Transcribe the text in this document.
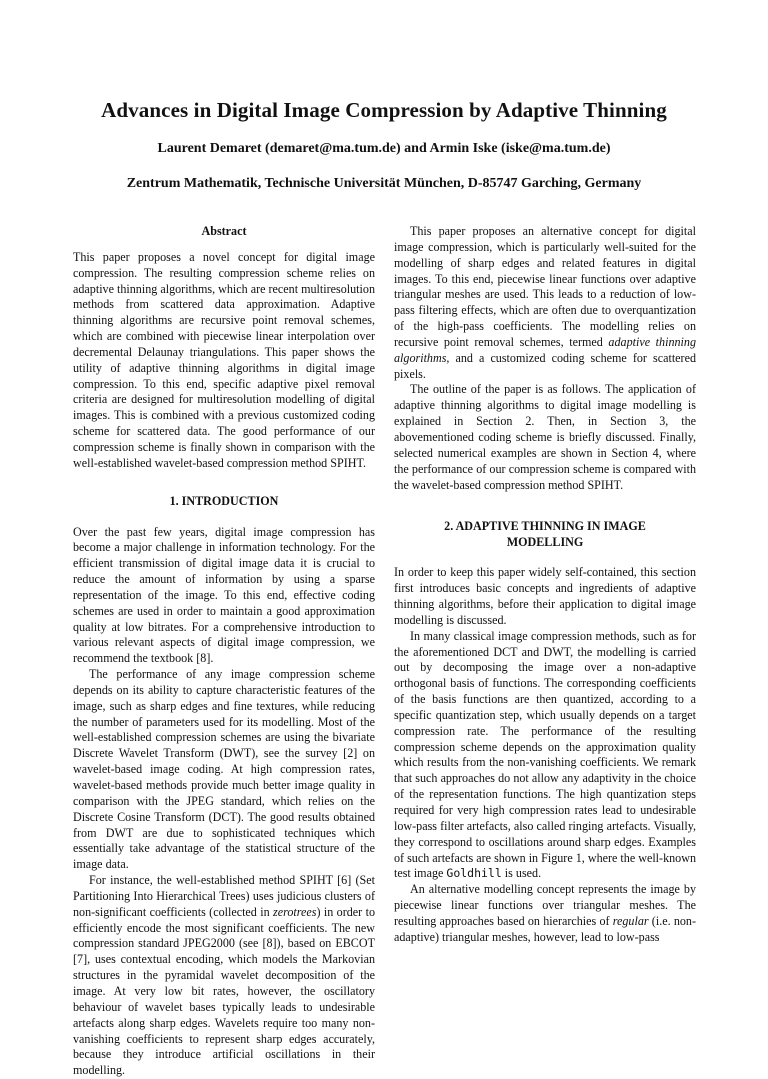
Advances in Digital Image Compression by Adaptive Thinning
Laurent Demaret (demaret@ma.tum.de) and Armin Iske (iske@ma.tum.de)
Zentrum Mathematik, Technische Universität München, D-85747 Garching, Germany
Abstract

This paper proposes a novel concept for digital image compression. The resulting compression scheme relies on adaptive thinning algorithms, which are recent multiresolution methods from scattered data approximation. Adaptive thinning algorithms are recursive point removal schemes, which are combined with piecewise linear interpolation over decremental Delaunay triangulations. This paper shows the utility of adaptive thinning algorithms in digital image compression. To this end, specific adaptive pixel removal criteria are designed for multiresolution modelling of digital images. This is combined with a previous customized coding scheme for scattered data. The good performance of our compression scheme is finally shown in comparison with the well-established wavelet-based compression method SPIHT.

1. INTRODUCTION

Over the past few years, digital image compression has become a major challenge in information technology. For the efficient transmission of digital image data it is crucial to reduce the amount of information by using a sparse representation of the image. To this end, effective coding schemes are used in order to maintain a good approximation quality at low bitrates. For a comprehensive introduction to various relevant aspects of digital image compression, we recommend the textbook [8].

The performance of any image compression scheme depends on its ability to capture characteristic features of the image, such as sharp edges and fine textures, while reducing the number of parameters used for its modelling. Most of the well-established compression schemes are using the bivariate Discrete Wavelet Transform (DWT), see the survey [2] on wavelet-based image coding. At high compression rates, wavelet-based methods provide much better image quality in comparison with the JPEG standard, which relies on the Discrete Cosine Transform (DCT). The good results obtained from DWT are due to sophisticated techniques which essentially take advantage of the statistical structure of the image data.

For instance, the well-established method SPIHT [6] (Set Partitioning Into Hierarchical Trees) uses judicious clusters of non-significant coefficients (collected in zerotrees) in order to efficiently encode the most significant coefficients. The new compression standard JPEG2000 (see [8]), based on EBCOT [7], uses contextual encoding, which models the Markovian structures in the pyramidal wavelet decomposition of the image. At very low bit rates, however, the oscillatory behaviour of wavelet bases typically leads to undesirable artefacts along sharp edges. Wavelets require too many non-vanishing coefficients to represent sharp edges accurately, because they introduce artificial oscillations in their modelling.

This paper proposes an alternative concept for digital image compression, which is particularly well-suited for the modelling of sharp edges and related features in digital images. To this end, piecewise linear functions over adaptive triangular meshes are used. This leads to a reduction of low-pass filtering effects, which are often due to overquantization of the high-pass coefficients. The modelling relies on recursive point removal schemes, termed adaptive thinning algorithms, and a customized coding scheme for scattered pixels.

The outline of the paper is as follows. The application of adaptive thinning algorithms to digital image modelling is explained in Section 2. Then, in Section 3, the abovementioned coding scheme is briefly discussed. Finally, selected numerical examples are shown in Section 4, where the performance of our compression scheme is compared with the wavelet-based compression method SPIHT.

2. ADAPTIVE THINNING IN IMAGE MODELLING

In order to keep this paper widely self-contained, this section first introduces basic concepts and ingredients of adaptive thinning algorithms, before their application to digital image modelling is discussed.

In many classical image compression methods, such as for the aforementioned DCT and DWT, the modelling is carried out by decomposing the image over a non-adaptive orthogonal basis of functions. The corresponding coefficients of the basis functions are then quantized, according to a specific quantization step, which usually depends on a target compression rate. The performance of the resulting compression scheme depends on the approximation quality which results from the non-vanishing coefficients. We remark that such approaches do not allow any adaptivity in the choice of the representation functions. The high quantization steps required for very high compression rates lead to undesirable low-pass filter artefacts, also called ringing artefacts. Visually, they correspond to oscillations around sharp edges. Examples of such artefacts are shown in Figure 1, where the well-known test image Goldhill is used.

An alternative modelling concept represents the image by piecewise linear functions over triangular meshes. The resulting approaches based on hierarchies of regular (i.e. non-adaptive) triangular meshes, however, lead to low-pass
